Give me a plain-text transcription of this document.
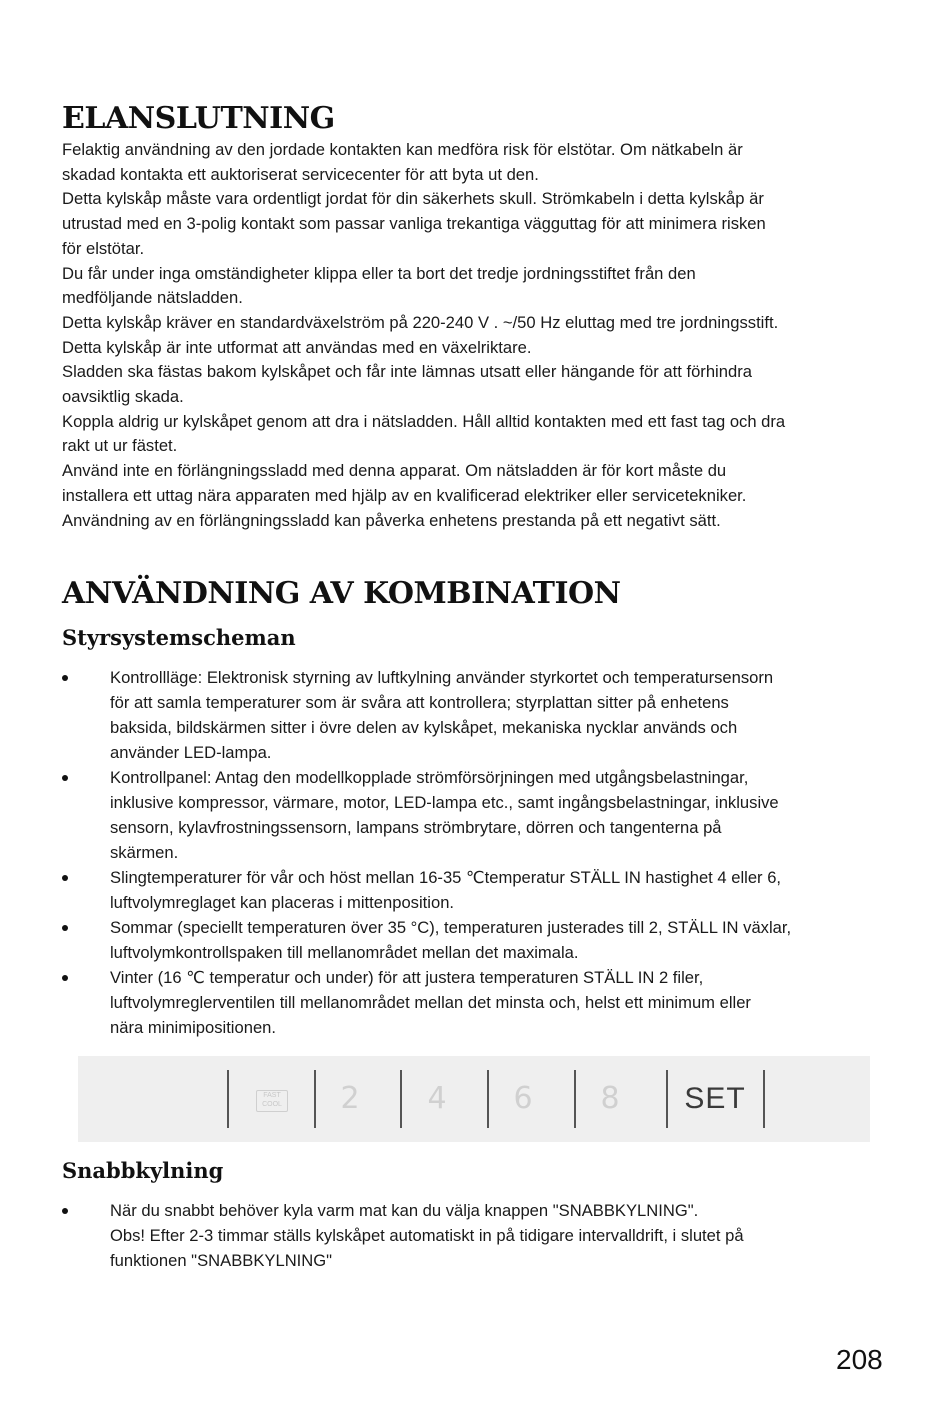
ELANSLUTNING
Felaktig användning av den jordade kontakten kan medföra risk för elstötar. Om nätkabeln är
skadad kontakta ett auktoriserat servicecenter för att byta ut den.
Detta kylskåp måste vara ordentligt jordat för din säkerhets skull. Strömkabeln i detta kylskåp är
utrustad med en 3-polig kontakt som passar vanliga trekantiga vägguttag för att minimera risken
för elstötar.
Du får under inga omständigheter klippa eller ta bort det tredje jordningsstiftet från den
medföljande nätsladden.
Detta kylskåp kräver en standardväxelström på 220-240 V . ~/50 Hz eluttag med tre jordningsstift.
Detta kylskåp är inte utformat att användas med en växelriktare.
Sladden ska fästas bakom kylskåpet och får inte lämnas utsatt eller hängande för att förhindra
oavsiktlig skada.
Koppla aldrig ur kylskåpet genom att dra i nätsladden. Håll alltid kontakten med ett fast tag och dra
rakt ut ur fästet.
Använd inte en förlängningssladd med denna apparat. Om nätsladden är för kort måste du
installera ett uttag nära apparaten med hjälp av en kvalificerad elektriker eller servicetekniker.
Användning av en förlängningssladd kan påverka enhetens prestanda på ett negativt sätt.
ANVÄNDNING AV KOMBINATION
Styrsystemscheman
Kontrollläge: Elektronisk styrning av luftkylning använder styrkortet och temperatursensorn
för att samla temperaturer som är svåra att kontrollera; styrplattan sitter på enhetens
baksida, bildskärmen sitter i övre delen av kylskåpet, mekaniska nycklar används och
använder LED-lampa.
Kontrollpanel: Antag den modellkopplade strömförsörjningen med utgångsbelastningar,
inklusive kompressor, värmare, motor, LED-lampa etc., samt ingångsbelastningar, inklusive
sensorn, kylavfrostningssensorn, lampans strömbrytare, dörren och tangenterna på
skärmen.
Slingtemperaturer för vår och höst mellan 16-35 ℃temperatur STÄLL IN hastighet 4 eller 6,
luftvolymreglaget kan placeras i mittenposition.
Sommar (speciellt temperaturen över 35 °C), temperaturen justerades till 2, STÄLL IN växlar,
luftvolymkontrollspaken till mellanområdet mellan det maximala.
Vinter (16 ℃ temperatur och under) för att justera temperaturen STÄLL IN 2 filer,
luftvolymreglerventilen till mellanområdet mellan det minsta och, helst ett minimum eller
nära minimipositionen.
FAST
COOL	2	4	6	8	SET
Snabbkylning
När du snabbt behöver kyla varm mat kan du välja knappen "SNABBKYLNING".
Obs! Efter 2-3 timmar ställs kylskåpet automatiskt in på tidigare intervalldrift, i slutet på
funktionen "SNABBKYLNING"
208
